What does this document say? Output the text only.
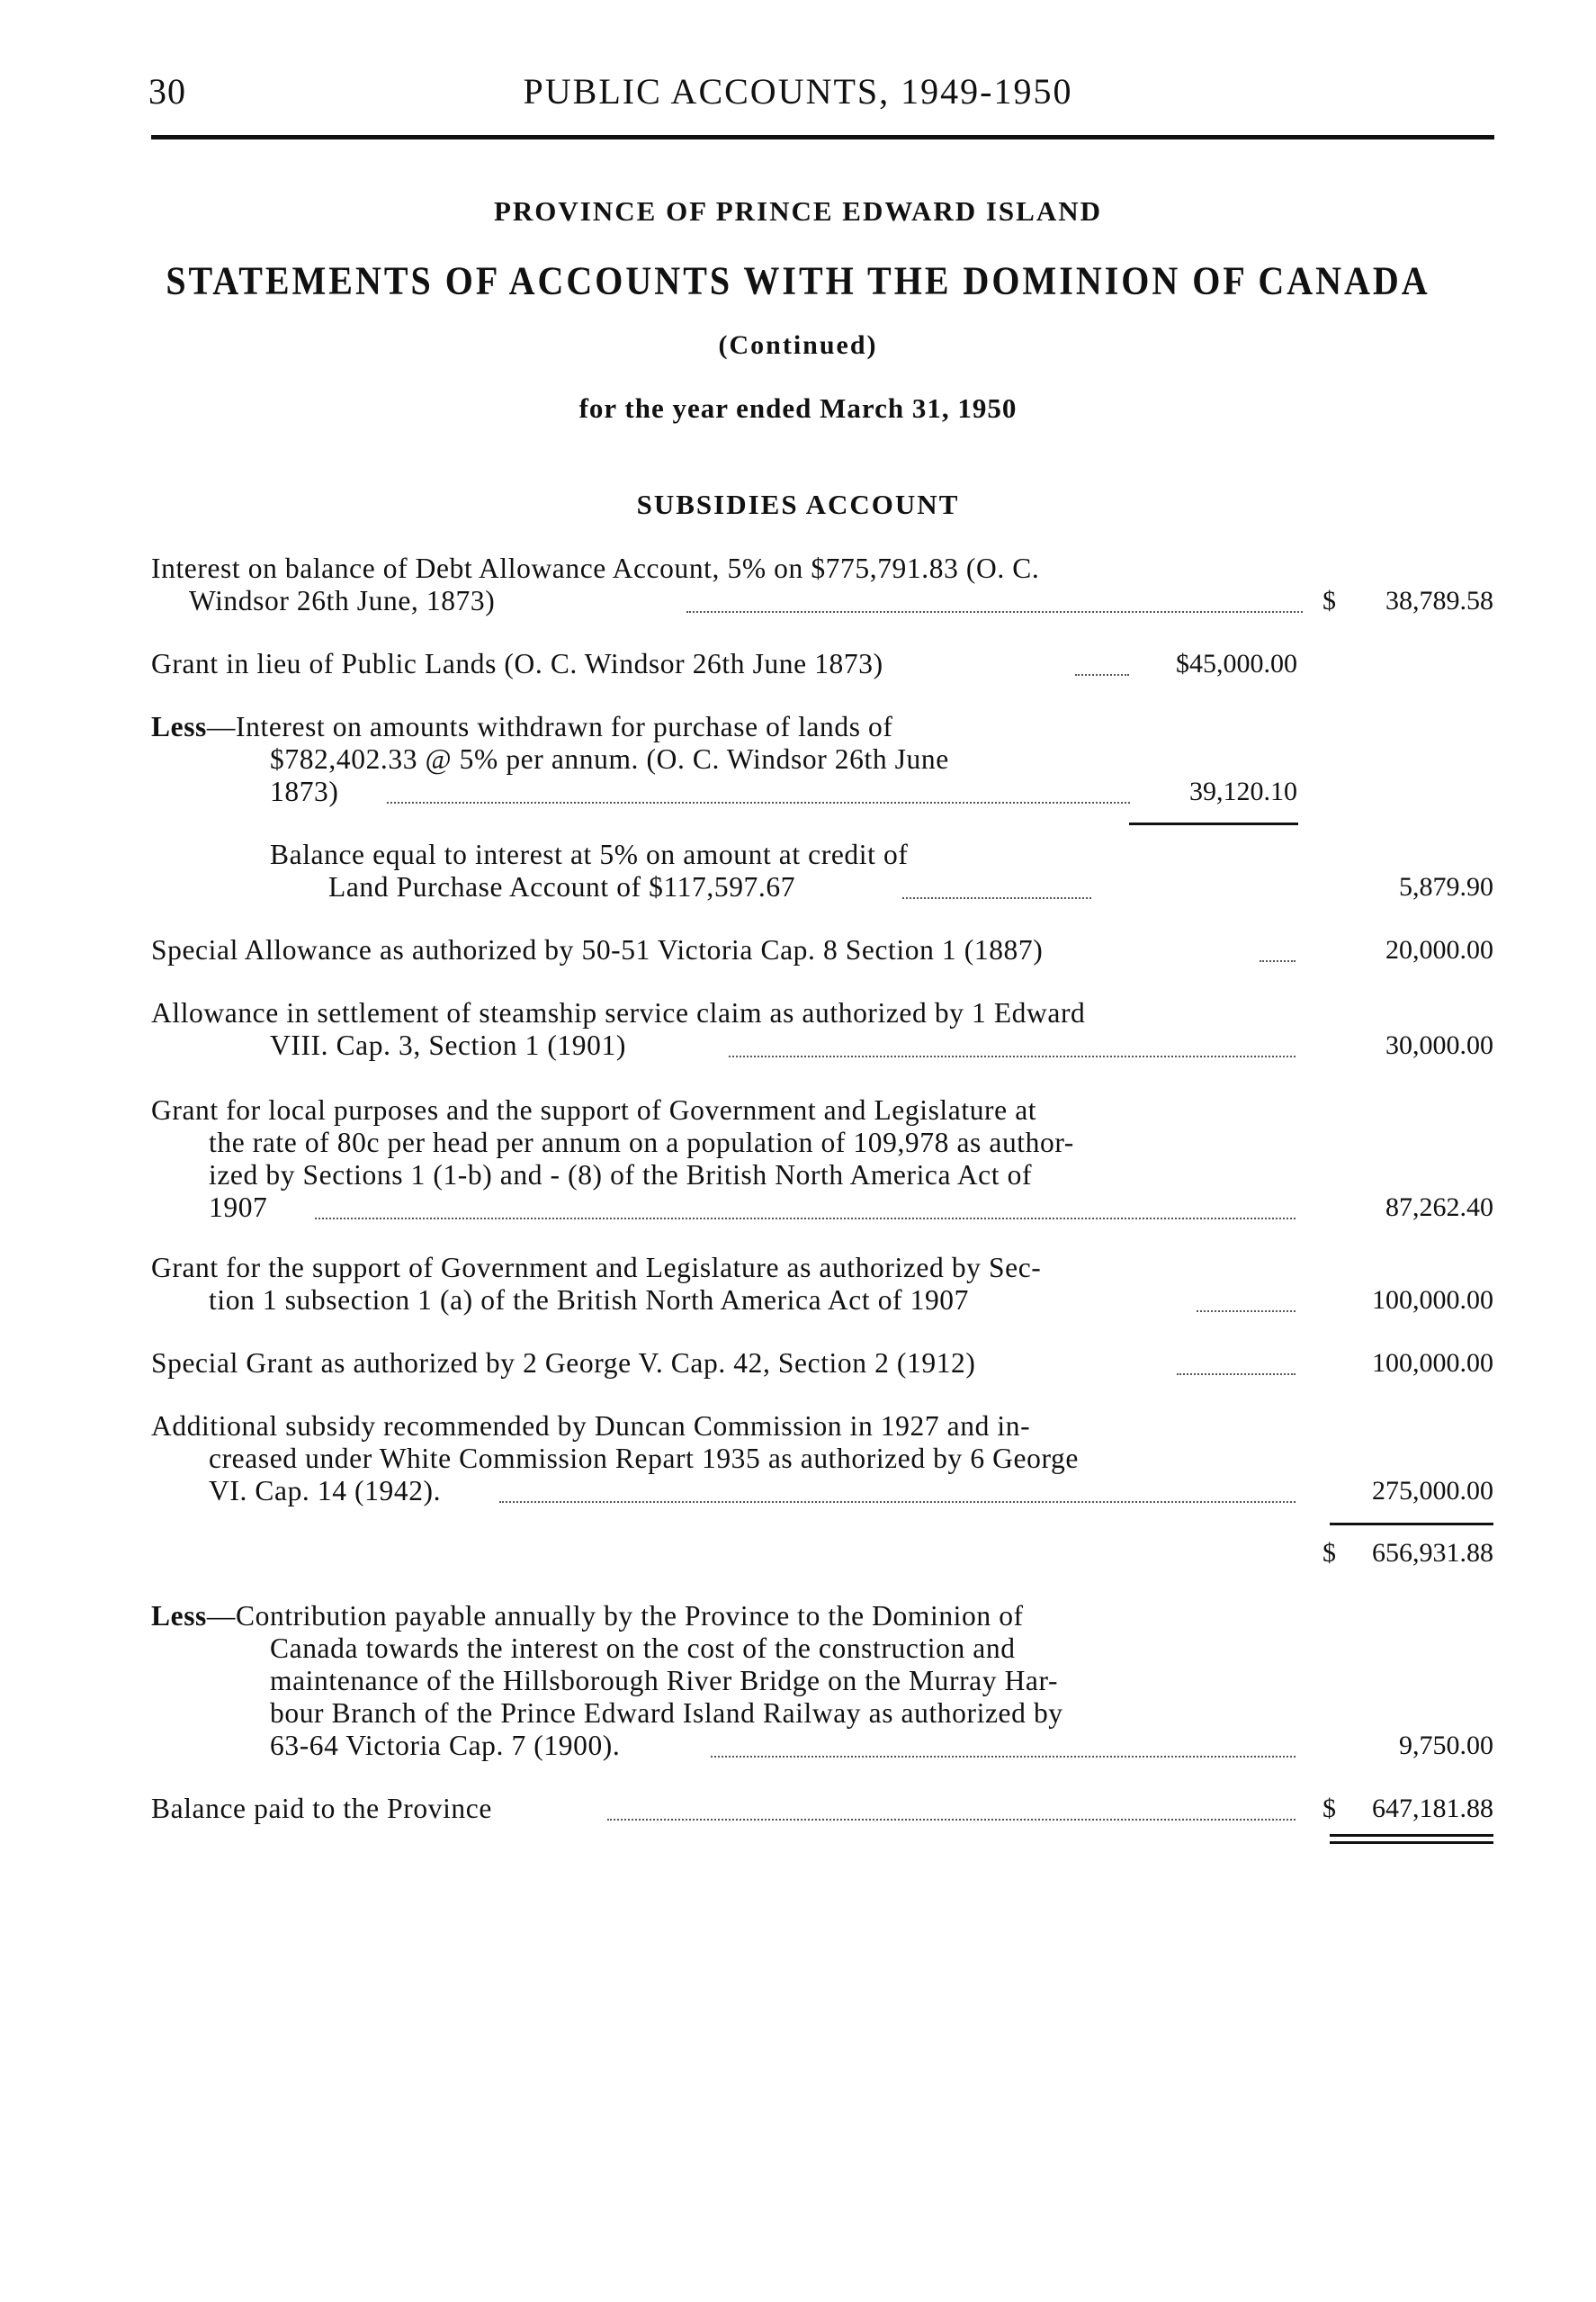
30	PUBLIC ACCOUNTS, 1949-1950
PROVINCE OF PRINCE EDWARD ISLAND
STATEMENTS OF ACCOUNTS WITH THE DOMINION OF CANADA
(Continued)
for the year ended March 31, 1950
SUBSIDIES ACCOUNT
Interest on balance of Debt Allowance Account, 5% on $775,791.83 (O. C.
Windsor 26th June, 1873)	$ 38,789.58
Grant in lieu of Public Lands (O. C. Windsor 26th June 1873)	$45,000.00
Less—Interest on amounts withdrawn for purchase of lands of
$782,402.33 @ 5% per annum. (O. C. Windsor 26th June
1873)	39,120.10
Balance equal to interest at 5% on amount at credit of
Land Purchase Account of $117,597.67	5,879.90
Special Allowance as authorized by 50-51 Victoria Cap. 8 Section 1 (1887)	20,000.00
Allowance in settlement of steamship service claim as authorized by 1 Edward
VIII. Cap. 3, Section 1 (1901)	30,000.00
Grant for local purposes and the support of Government and Legislature at
the rate of 80c per head per annum on a population of 109,978 as author-
ized by Sections 1 (1-b) and - (8) of the British North America Act of
1907	87,262.40
Grant for the support of Government and Legislature as authorized by Sec-
tion 1 subsection 1 (a) of the British North America Act of 1907	100,000.00
Special Grant as authorized by 2 George V. Cap. 42, Section 2 (1912)	100,000.00
Additional subsidy recommended by Duncan Commission in 1927 and in-
creased under White Commission Repart 1935 as authorized by 6 George
VI. Cap. 14 (1942).	275,000.00
$ 656,931.88
Less—Contribution payable annually by the Province to the Dominion of
Canada towards the interest on the cost of the construction and
maintenance of the Hillsborough River Bridge on the Murray Har-
bour Branch of the Prince Edward Island Railway as authorized by
63-64 Victoria Cap. 7 (1900).	9,750.00
Balance paid to the Province	$ 647,181.88
